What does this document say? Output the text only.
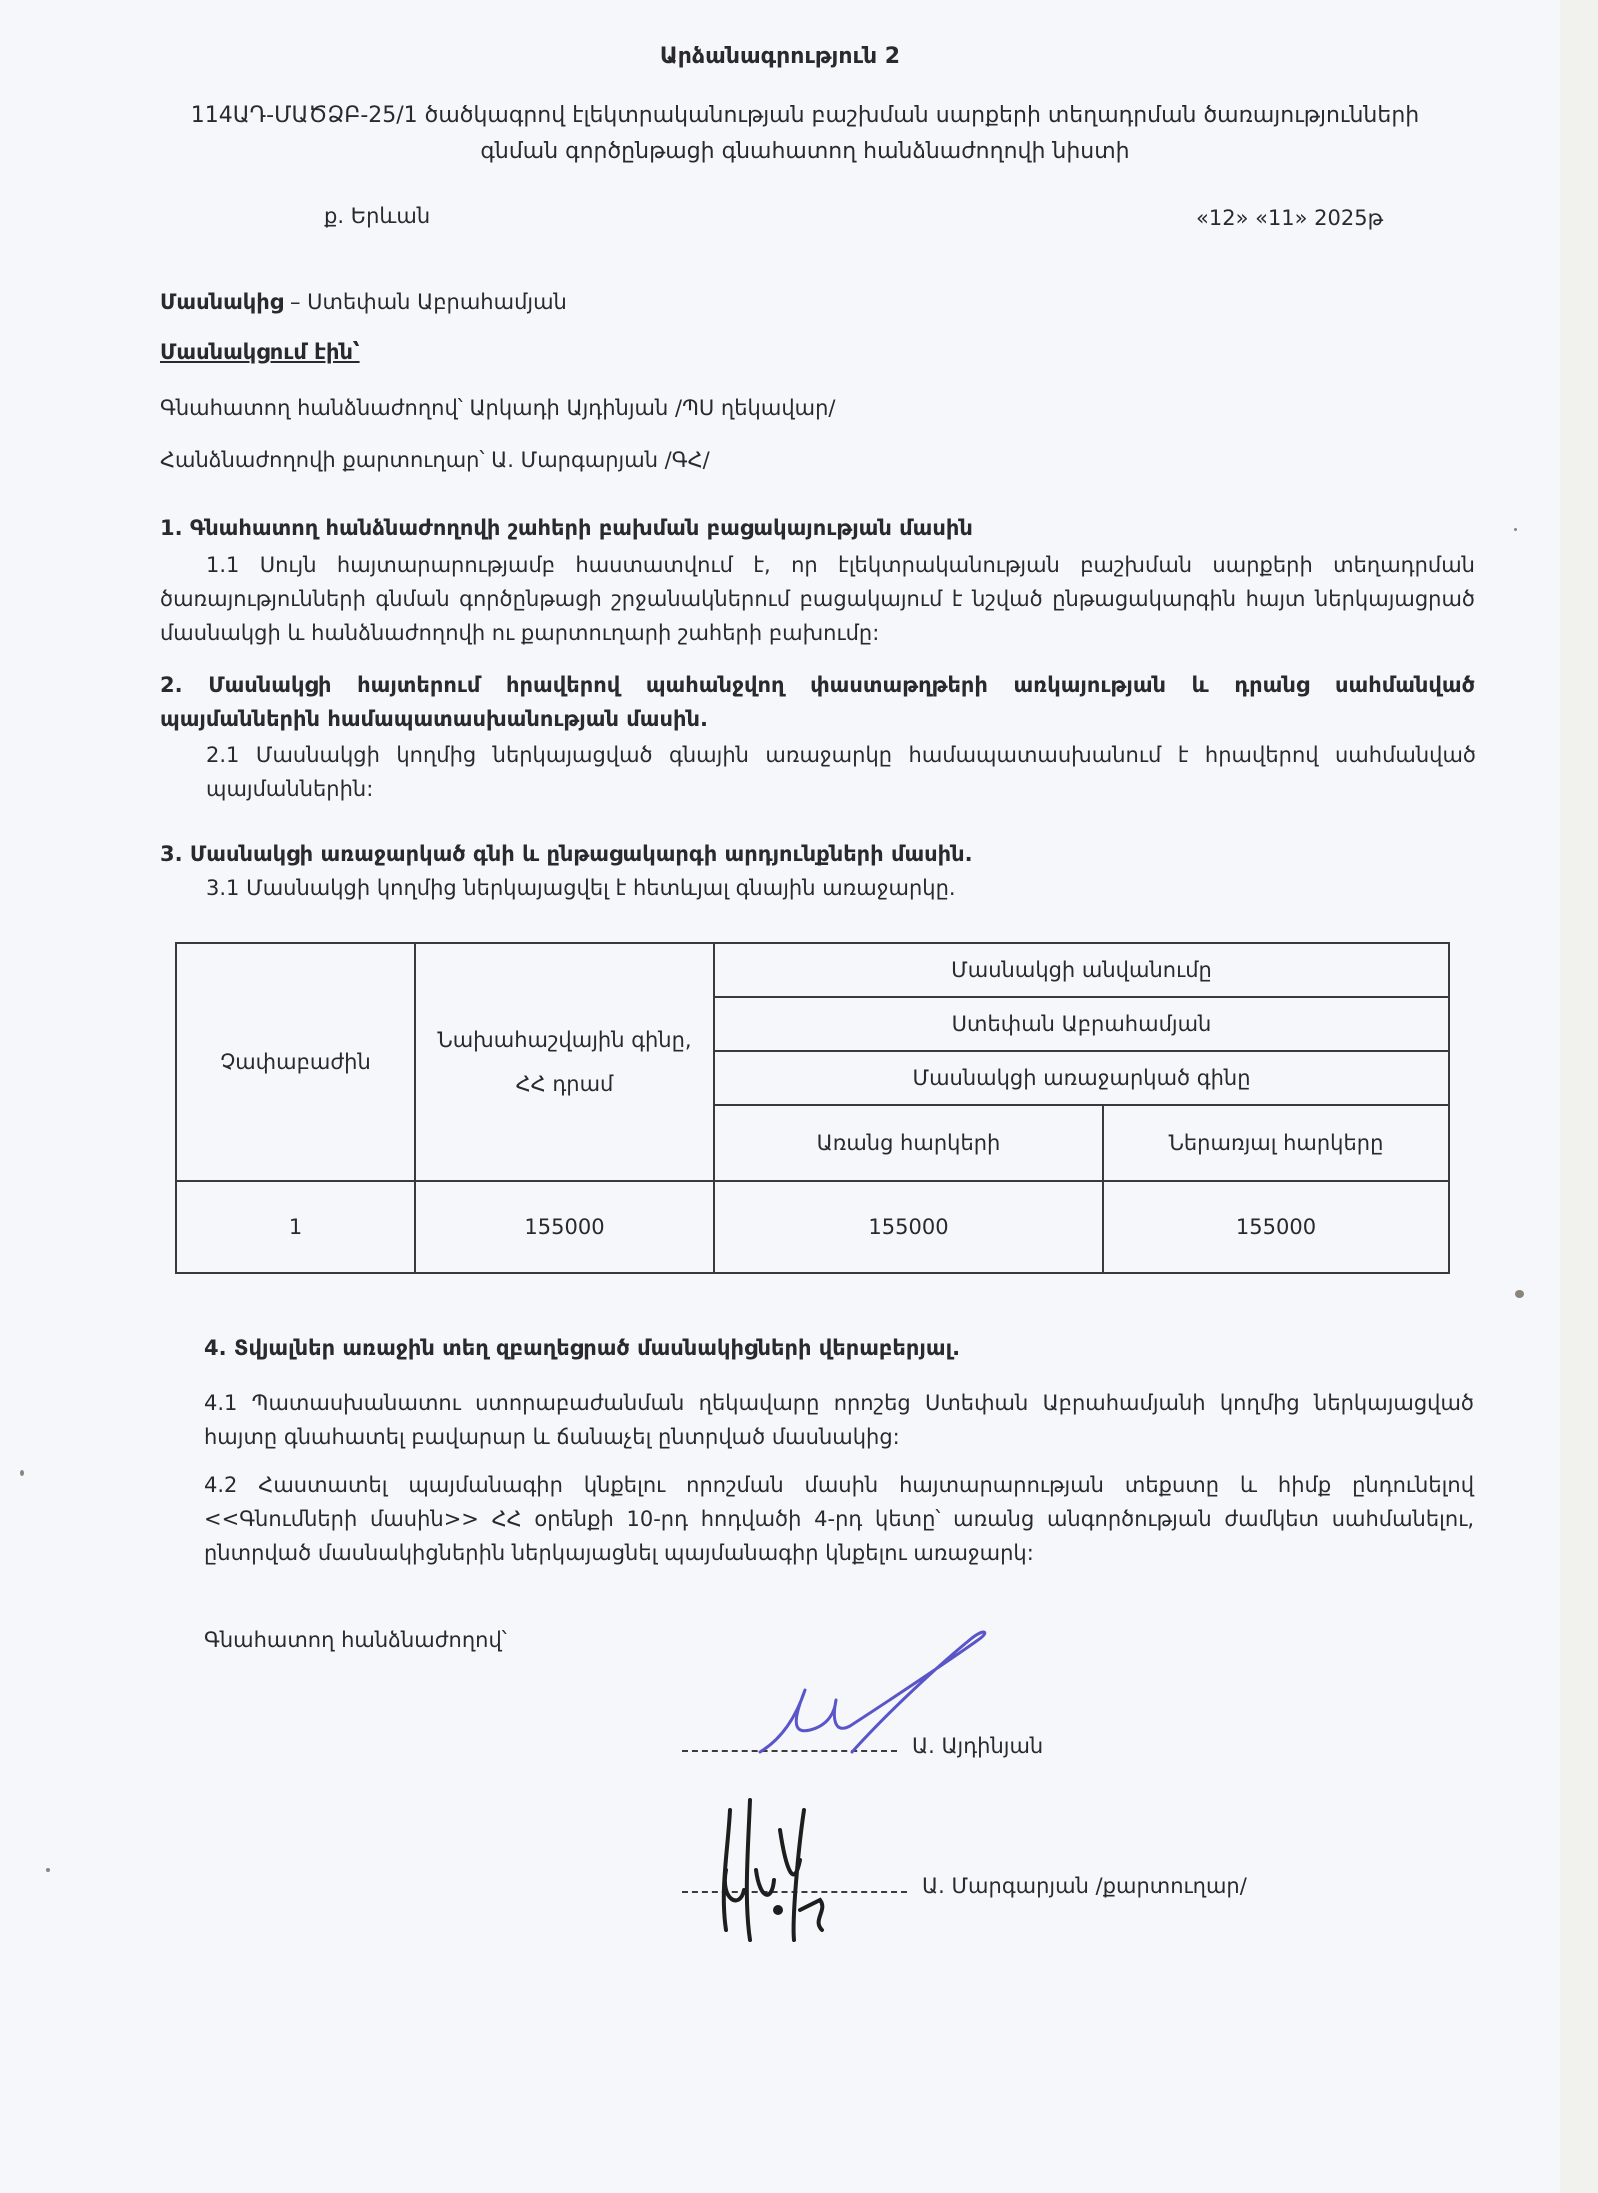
Արձանագրություն 2
114ԱԴ-ՄԱԾՁԲ-25/1 ծածկագրով էլեկտրականության բաշխման սարքերի տեղադրման ծառայությունների գնման գործընթացի գնահատող հանձնաժողովի նիստի
ք. Երևան	«12» «11» 2025թ
Մասնակից – Ստեփան Աբրահամյան
Մասնակցում էին՝
Գնահատող հանձնաժողով՝ Արկադի Այդինյան /ՊՍ ղեկավար/
Հանձնաժողովի քարտուղար՝ Ա. Մարգարյան /ԳՀ/
1. Գնահատող հանձնաժողովի շահերի բախման բացակայության մասին
1.1 Սույն հայտարարությամբ հաստատվում է, որ էլեկտրականության բաշխման սարքերի տեղադրման ծառայությունների գնման գործընթացի շրջանակներում բացակայում է նշված ընթացակարգին հայտ ներկայացրած մասնակցի և հանձնաժողովի ու քարտուղարի շահերի բախումը:
2. Մասնակցի հայտերում հրավերով պահանջվող փաստաթղթերի առկայության և դրանց սահմանված պայմաններին համապատասխանության մասին.
2.1 Մասնակցի կողմից ներկայացված գնային առաջարկը համապատասխանում է հրավերով սահմանված պայմաններին:
3. Մասնակցի առաջարկած գնի և ընթացակարգի արդյունքների մասին.
3.1 Մասնակցի կողմից ներկայացվել է հետևյալ գնային առաջարկը.
Չափաբաժին	Նախահաշվային գինը, ՀՀ դրամ	Մասնակցի անվանումը	
		Ստեփան Աբրահամյան	
		Մասնակցի առաջարկած գինը	
		Առանց հարկերի	Ներառյալ հարկերը
1	155000	155000	155000
4. Տվյալներ առաջին տեղ զբաղեցրած մասնակիցների վերաբերյալ.
4.1 Պատասխանատու ստորաբաժանման ղեկավարը որոշեց Ստեփան Աբրահամյանի կողմից ներկայացված հայտը գնահատել բավարար և ճանաչել ընտրված մասնակից:
4.2 Հաստատել պայմանագիր կնքելու որոշման մասին հայտարարության տեքստը և հիմք ընդունելով <<Գնումների մասին>> ՀՀ օրենքի 10-րդ հոդվածի 4-րդ կետը՝ առանց անգործության ժամկետ սահմանելու, ընտրված մասնակիցներին ներկայացնել պայմանագիր կնքելու առաջարկ:
Գնահատող հանձնաժողով՝
Ա. Այդինյան
Ա. Մարգարյան /քարտուղար/
